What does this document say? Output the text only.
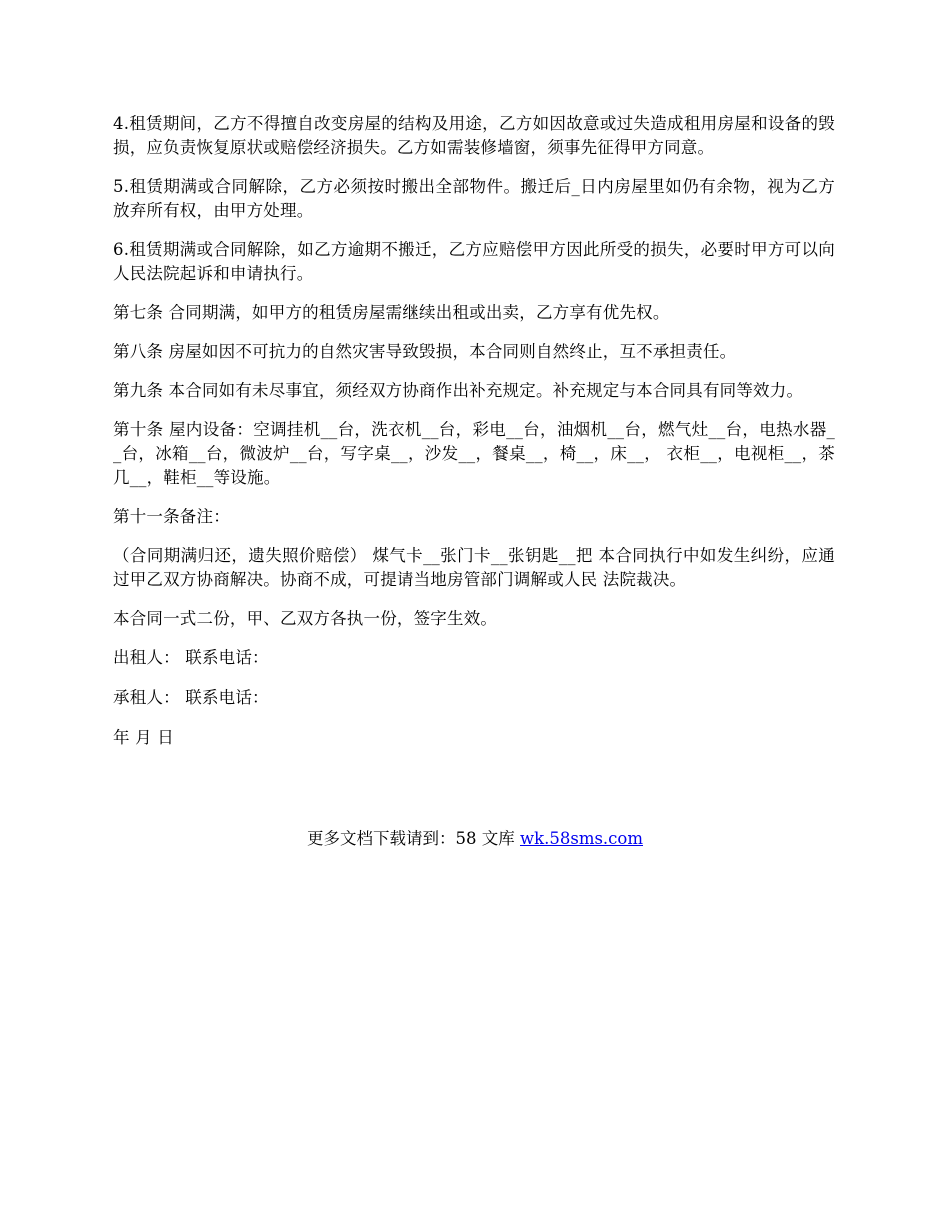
4.租赁期间，乙方不得擅自改变房屋的结构及用途，乙方如因故意或过失造成租用房屋和设备的毁 损，应负责恢复原状或赔偿经济损失。乙方如需装修墙窗，须事先征得甲方同意。

5.租赁期满或合同解除，乙方必须按时搬出全部物件。搬迁后_日内房屋里如仍有余物，视为乙方 放弃所有权，由甲方处理。

6.租赁期满或合同解除，如乙方逾期不搬迁，乙方应赔偿甲方因此所受的损失，必要时甲方可以向 人民法院起诉和申请执行。

第七条 合同期满，如甲方的租赁房屋需继续出租或出卖，乙方享有优先权。

第八条 房屋如因不可抗力的自然灾害导致毁损，本合同则自然终止，互不承担责任。

第九条 本合同如有未尽事宜，须经双方协商作出补充规定。补充规定与本合同具有同等效力。

第十条 屋内设备：空调挂机__台，洗衣机__台，彩电__台，油烟机__台，燃气灶__台，电热水器__台，冰箱__台，微波炉__台，写字桌__，沙发__，餐桌__，椅__，床__， 衣柜__，电视柜__，茶几__，鞋柜__等设施。

第十一条备注：

（合同期满归还，遗失照价赔偿） 煤气卡__张门卡__张钥匙__把 本合同执行中如发生纠纷，应通过甲乙双方协商解决。协商不成，可提请当地房管部门调解或人民 法院裁决。

本合同一式二份，甲、乙双方各执一份，签字生效。

出租人： 联系电话：

承租人： 联系电话：

年 月 日

更多文档下载请到：58 文库 wk.58sms.com
